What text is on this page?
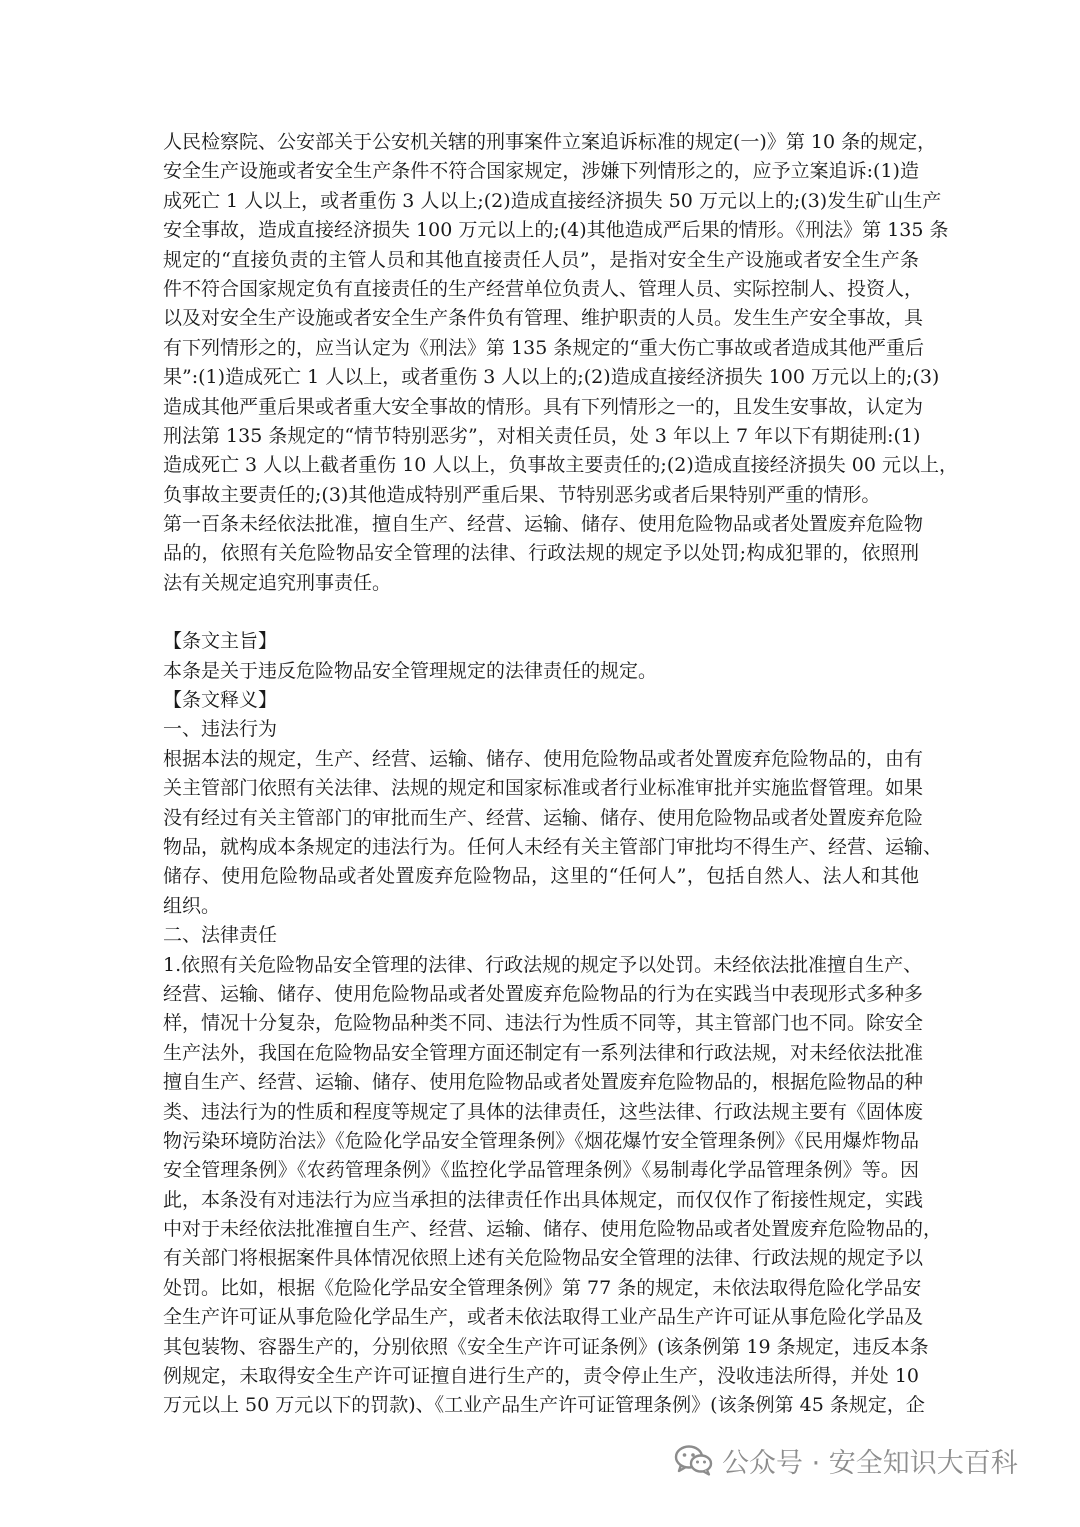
人民检察院、公安部关于公安机关辖的刑事案件立案追诉标准的规定(一)》第 10 条的规定，
安全生产设施或者安全生产条件不符合国家规定，涉嫌下列情形之的，应予立案追诉:(1)造
成死亡 1 人以上，或者重伤 3 人以上;(2)造成直接经济损失 50 万元以上的;(3)发生矿山生产
安全事故，造成直接经济损失 100 万元以上的;(4)其他造成严后果的情形。《刑法》第 135 条
规定的“直接负责的主管人员和其他直接责任人员”，是指对安全生产设施或者安全生产条
件不符合国家规定负有直接责任的生产经营单位负责人、管理人员、实际控制人、投资人，
以及对安全生产设施或者安全生产条件负有管理、维护职责的人员。发生生产安全事故，具
有下列情形之的，应当认定为《刑法》第 135 条规定的“重大伤亡事故或者造成其他严重后
果”:(1)造成死亡 1 人以上，或者重伤 3 人以上的;(2)造成直接经济损失 100 万元以上的;(3)
造成其他严重后果或者重大安全事故的情形。具有下列情形之一的，且发生安事故，认定为
刑法第 135 条规定的“情节特别恶劣”，对相关责任员，处 3 年以上 7 年以下有期徒刑:(1)
造成死亡 3 人以上截者重伤 10 人以上，负事故主要责任的;(2)造成直接经济损失 00 元以上，
负事故主要责任的;(3)其他造成特别严重后果、节特别恶劣或者后果特别严重的情形。
第一百条未经依法批准，擅自生产、经营、运输、储存、使用危险物品或者处置废弃危险物
品的，依照有关危险物品安全管理的法律、行政法规的规定予以处罚;构成犯罪的，依照刑
法有关规定追究刑事责任。
【条文主旨】
本条是关于违反危险物品安全管理规定的法律责任的规定。
【条文释义】
一、违法行为
根据本法的规定，生产、经营、运输、储存、使用危险物品或者处置废弃危险物品的，由有
关主管部门依照有关法律、法规的规定和国家标准或者行业标准审批并实施监督管理。如果
没有经过有关主管部门的审批而生产、经营、运输、储存、使用危险物品或者处置废弃危险
物品，就构成本条规定的违法行为。任何人未经有关主管部门审批均不得生产、经营、运输、
储存、使用危险物品或者处置废弃危险物品，这里的“任何人”，包括自然人、法人和其他
组织。
二、法律责任
1.依照有关危险物品安全管理的法律、行政法规的规定予以处罚。未经依法批准擅自生产、
经营、运输、储存、使用危险物品或者处置废弃危险物品的行为在实践当中表现形式多种多
样，情况十分复杂，危险物品种类不同、违法行为性质不同等，其主管部门也不同。除安全
生产法外，我国在危险物品安全管理方面还制定有一系列法律和行政法规，对未经依法批准
擅自生产、经营、运输、储存、使用危险物品或者处置废弃危险物品的，根据危险物品的种
类、违法行为的性质和程度等规定了具体的法律责任，这些法律、行政法规主要有《固体废
物污染环境防治法》《危险化学品安全管理条例》《烟花爆竹安全管理条例》《民用爆炸物品
安全管理条例》《农药管理条例》《监控化学品管理条例》《易制毒化学品管理条例》等。因
此，本条没有对违法行为应当承担的法律责任作出具体规定，而仅仅作了衔接性规定，实践
中对于未经依法批准擅自生产、经营、运输、储存、使用危险物品或者处置废弃危险物品的，
有关部门将根据案件具体情况依照上述有关危险物品安全管理的法律、行政法规的规定予以
处罚。比如，根据《危险化学品安全管理条例》第 77 条的规定，未依法取得危险化学品安
全生产许可证从事危险化学品生产，或者未依法取得工业产品生产许可证从事危险化学品及
其包装物、容器生产的，分别依照《安全生产许可证条例》(该条例第 19 条规定，违反本条
例规定，未取得安全生产许可证擅自进行生产的，责令停止生产，没收违法所得，并处 10
万元以上 50 万元以下的罚款)、《工业产品生产许可证管理条例》(该条例第 45 条规定，企
公众号 · 安全知识大百科
